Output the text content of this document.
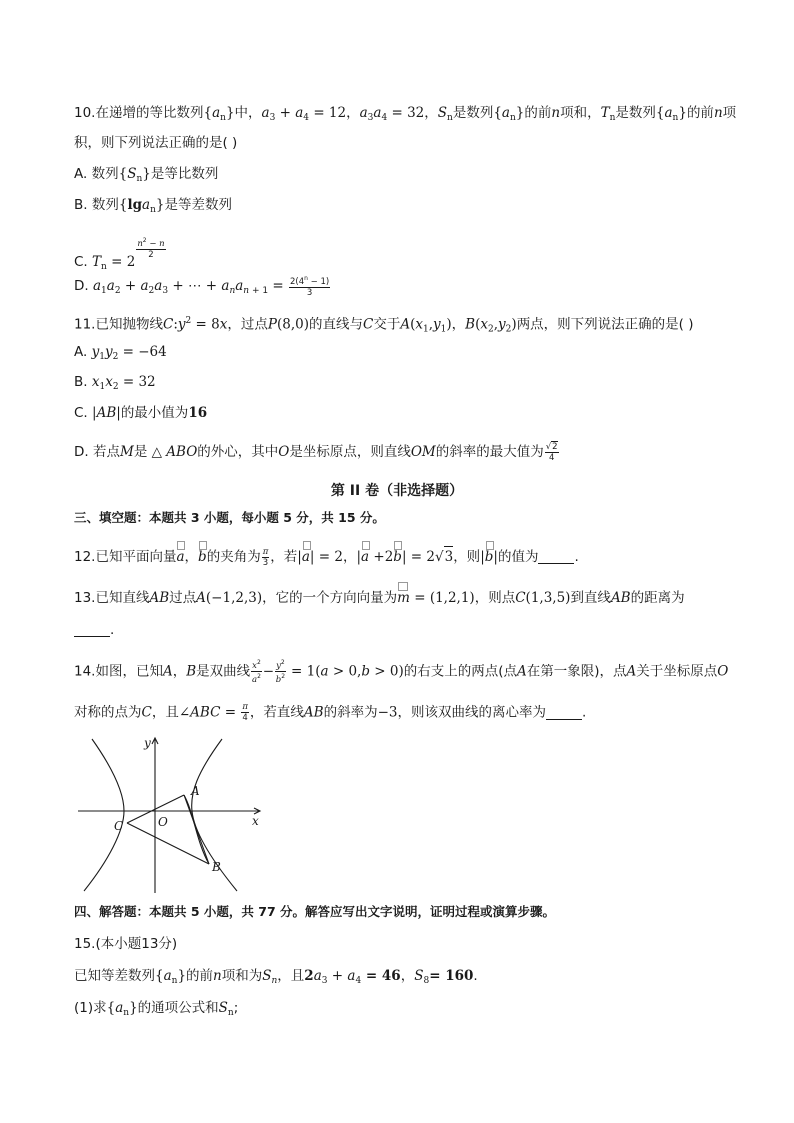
10.在递增的等比数列$\{a_n\}$中，$a_3 + a_4 = 12$，$a_3a_4 = 32$，$S_n$是数列$\{a_n\}$的前n项和，$T_n$是数列$\{a_n\}$的前n项
积，则下列说法正确的是( )
A. 数列$\{S_n\}$是等比数列
B. 数列{lga$_n$}是等差数列
C. $T_n = 2$
$\frac{n^2 - n}{2}$
D. $a_1a_2 + a_2a_3$ + ⋯ + $a_na_{n + 1} = \frac{2(4^n - 1)}{3}$
11.已知抛物线$C:y^2 = 8x$，过点P(8,0)的直线与C交于$A(x_1,y_1)$，$B(x_2,y_2)$两点，则下列说法正确的是( )
A. $y_1y_2 = -64$
B. $x_1x_2 = 32$
C. |AB|的最小值为16
D. 若点M是 △ ABO的外心，其中O是坐标原点，则直线OM的斜率的最大值为 $\frac{√2}{4}$
第 II 卷（非选择题）
三、填空题：本题共 3 小题，每小题 5 分，共 15 分。
12.已知平面向量
a，
b的夹角为 $\frac{\pi}{3}$ ，若|
a| = 2，|
a +2
b| = 2√3，则|
b|的值为	.
13.已知直线AB过点A(−1,2,3)，它的一个方向向量为
m = (1,2,1)，则点C(1,3,5)到直线AB的距离为
.
14.如图，已知A，B是双曲线 $\frac{x^2}{a^2} - \frac{y^2}{b^2} = 1(a > 0,b > 0)$的右支上的两点(点A在第一象限)，点A关于坐标原点O
对称的点为C，且∠ABC = $\frac{\pi}{4}$ ，若直线AB的斜率为−3，则该双曲线的离心率为	.
x
y
O
A
B
C
四、解答题：本题共 5 小题，共 77 分。解答应写出文字说明，证明过程或演算步骤。
15.(本小题13分)
已知等差数列$\{a_n\}$的前n项和为$S_n$，且$2a_3 + a_4 = 46$，$S_8= 160$.
(1)求$\{a_n\}$的通项公式和$S_n$;
